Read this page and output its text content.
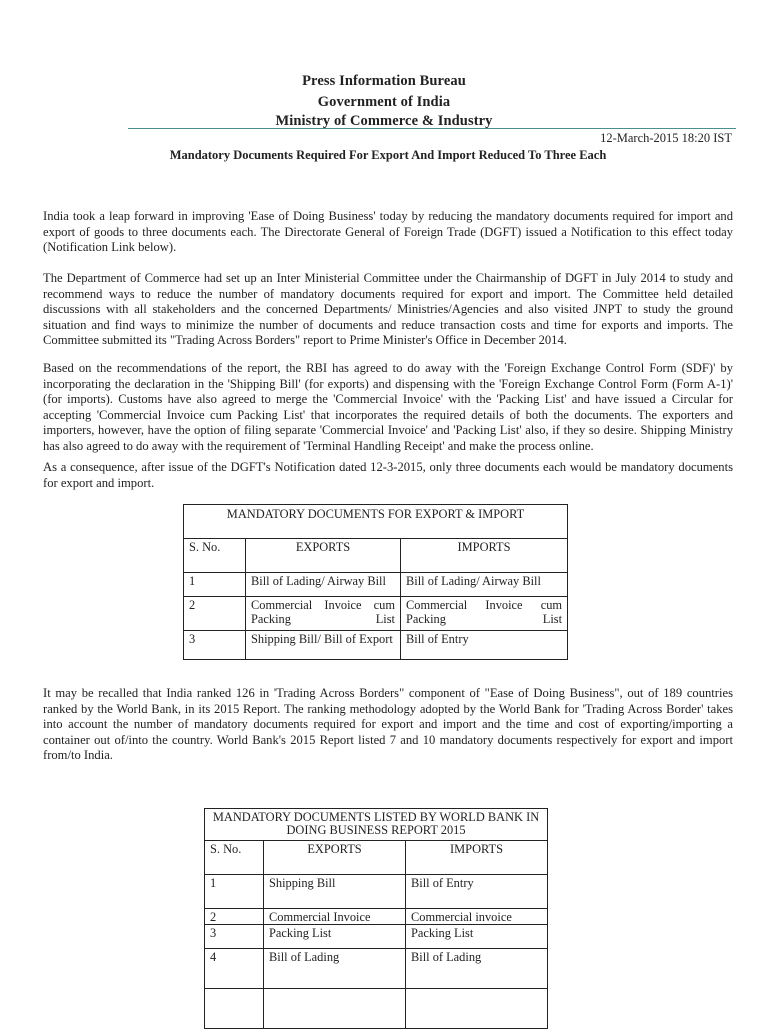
Press Information Bureau
Government of India
Ministry of Commerce & Industry
12-March-2015 18:20 IST
Mandatory Documents Required For Export And Import Reduced To Three Each

India took a leap forward in improving 'Ease of Doing Business' today by reducing the mandatory documents required for import and export of goods to three documents each. The Directorate General of Foreign Trade (DGFT) issued a Notification to this effect today (Notification Link below).

The Department of Commerce had set up an Inter Ministerial Committee under the Chairmanship of DGFT in July 2014 to study and recommend ways to reduce the number of mandatory documents required for export and import. The Committee held detailed discussions with all stakeholders and the concerned Departments/ Ministries/Agencies and also visited JNPT to study the ground situation and find ways to minimize the number of documents and reduce transaction costs and time for exports and imports. The Committee submitted its "Trading Across Borders" report to Prime Minister's Office in December 2014.

Based on the recommendations of the report, the RBI has agreed to do away with the 'Foreign Exchange Control Form (SDF)' by incorporating the declaration in the 'Shipping Bill' (for exports) and dispensing with the 'Foreign Exchange Control Form (Form A-1)' (for imports). Customs have also agreed to merge the 'Commercial Invoice' with the 'Packing List' and have issued a Circular for accepting 'Commercial Invoice cum Packing List' that incorporates the required details of both the documents. The exporters and importers, however, have the option of filing separate 'Commercial Invoice' and 'Packing List' also, if they so desire. Shipping Ministry has also agreed to do away with the requirement of 'Terminal Handling Receipt' and make the process online.

As a consequence, after issue of the DGFT's Notification dated 12-3-2015, only three documents each would be mandatory documents for export and import.

MANDATORY DOCUMENTS FOR EXPORT & IMPORT		
S. No.	EXPORTS	IMPORTS
1	Bill of Lading/ Airway Bill	Bill of Lading/ Airway Bill
2	Commercial Invoice cum Packing List	Commercial Invoice cum Packing List

3	Shipping Bill/ Bill of Export	Bill of Entry

It may be recalled that India ranked 126 in 'Trading Across Borders" component of "Ease of Doing Business", out of 189 countries ranked by the World Bank, in its 2015 Report. The ranking methodology adopted by the World Bank for 'Trading Across Border' takes into account the number of mandatory documents required for export and import and the time and cost of exporting/importing a container out of/into the country. World Bank's 2015 Report listed 7 and 10 mandatory documents respectively for export and import from/to India.

MANDATORY DOCUMENTS LISTED BY WORLD BANK IN DOING BUSINESS REPORT 2015		
S. No.	EXPORTS	IMPORTS
1	Shipping Bill	Bill of Entry
2	Commercial Invoice	Commercial invoice
3	Packing List	Packing List
4	Bill of Lading	Bill of Lading
